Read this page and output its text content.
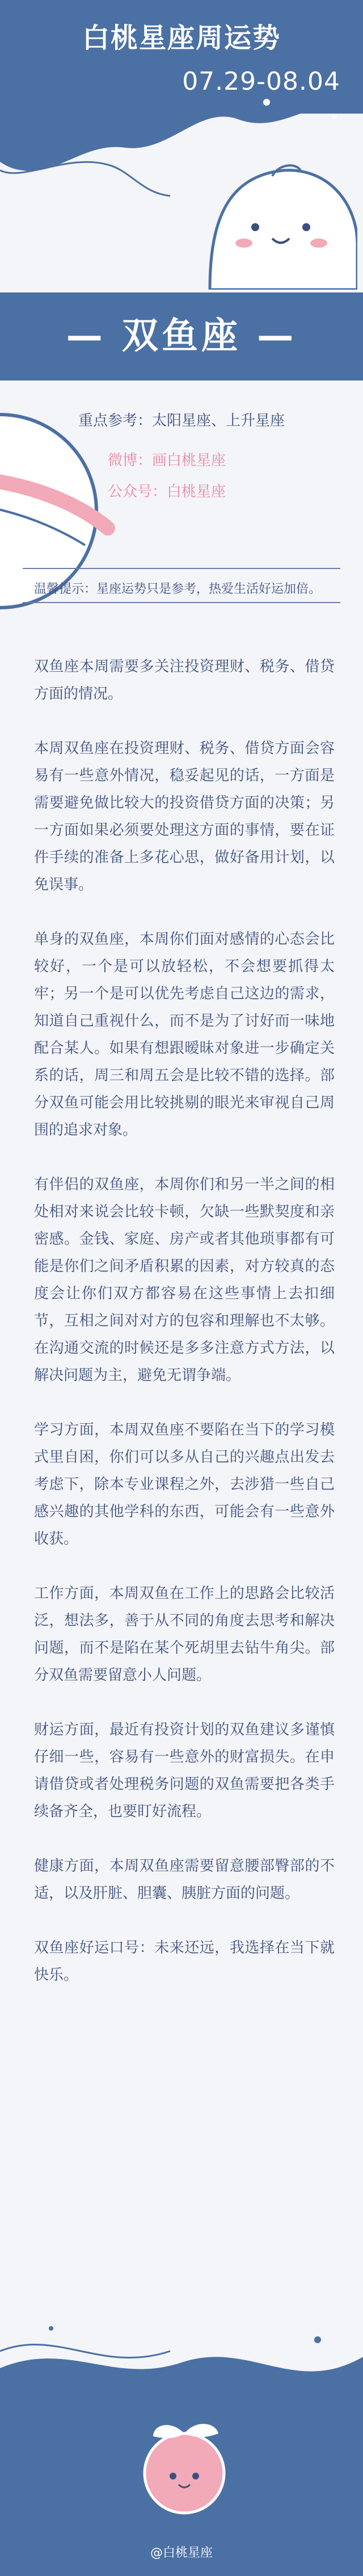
白桃星座周运势
07.29-08.04
— 双鱼座 —
重点参考：太阳星座、上升星座
微博：画白桃星座
公众号：白桃星座
温馨提示：星座运势只是参考，热爱生活好运加倍。

双鱼座本周需要多关注投资理财、税务、借贷方面的情况。

本周双鱼座在投资理财、税务、借贷方面会容易有一些意外情况，稳妥起见的话，一方面是需要避免做比较大的投资借贷方面的决策；另一方面如果必须要处理这方面的事情，要在证件手续的准备上多花心思，做好备用计划，以免误事。

单身的双鱼座，本周你们面对感情的心态会比较好，一个是可以放轻松，不会想要抓得太牢；另一个是可以优先考虑自己这边的需求，知道自己重视什么，而不是为了讨好而一味地配合某人。如果有想跟暧昧对象进一步确定关系的话，周三和周五会是比较不错的选择。部分双鱼可能会用比较挑剔的眼光来审视自己周围的追求对象。

有伴侣的双鱼座，本周你们和另一半之间的相处相对来说会比较卡顿，欠缺一些默契度和亲密感。金钱、家庭、房产或者其他琐事都有可能是你们之间矛盾积累的因素，对方较真的态度会让你们双方都容易在这些事情上去扣细节，互相之间对对方的包容和理解也不太够。在沟通交流的时候还是多多注意方式方法，以解决问题为主，避免无谓争端。

学习方面，本周双鱼座不要陷在当下的学习模式里自困，你们可以多从自己的兴趣点出发去考虑下，除本专业课程之外，去涉猎一些自己感兴趣的其他学科的东西，可能会有一些意外收获。

工作方面，本周双鱼在工作上的思路会比较活泛，想法多，善于从不同的角度去思考和解决问题，而不是陷在某个死胡里去钻牛角尖。部分双鱼需要留意小人问题。

财运方面，最近有投资计划的双鱼建议多谨慎仔细一些，容易有一些意外的财富损失。在申请借贷或者处理税务问题的双鱼需要把各类手续备齐全，也要盯好流程。

健康方面，本周双鱼座需要留意腰部臀部的不适，以及肝脏、胆囊、胰脏方面的问题。

双鱼座好运口号：未来还远，我选择在当下就快乐。

@白桃星座
